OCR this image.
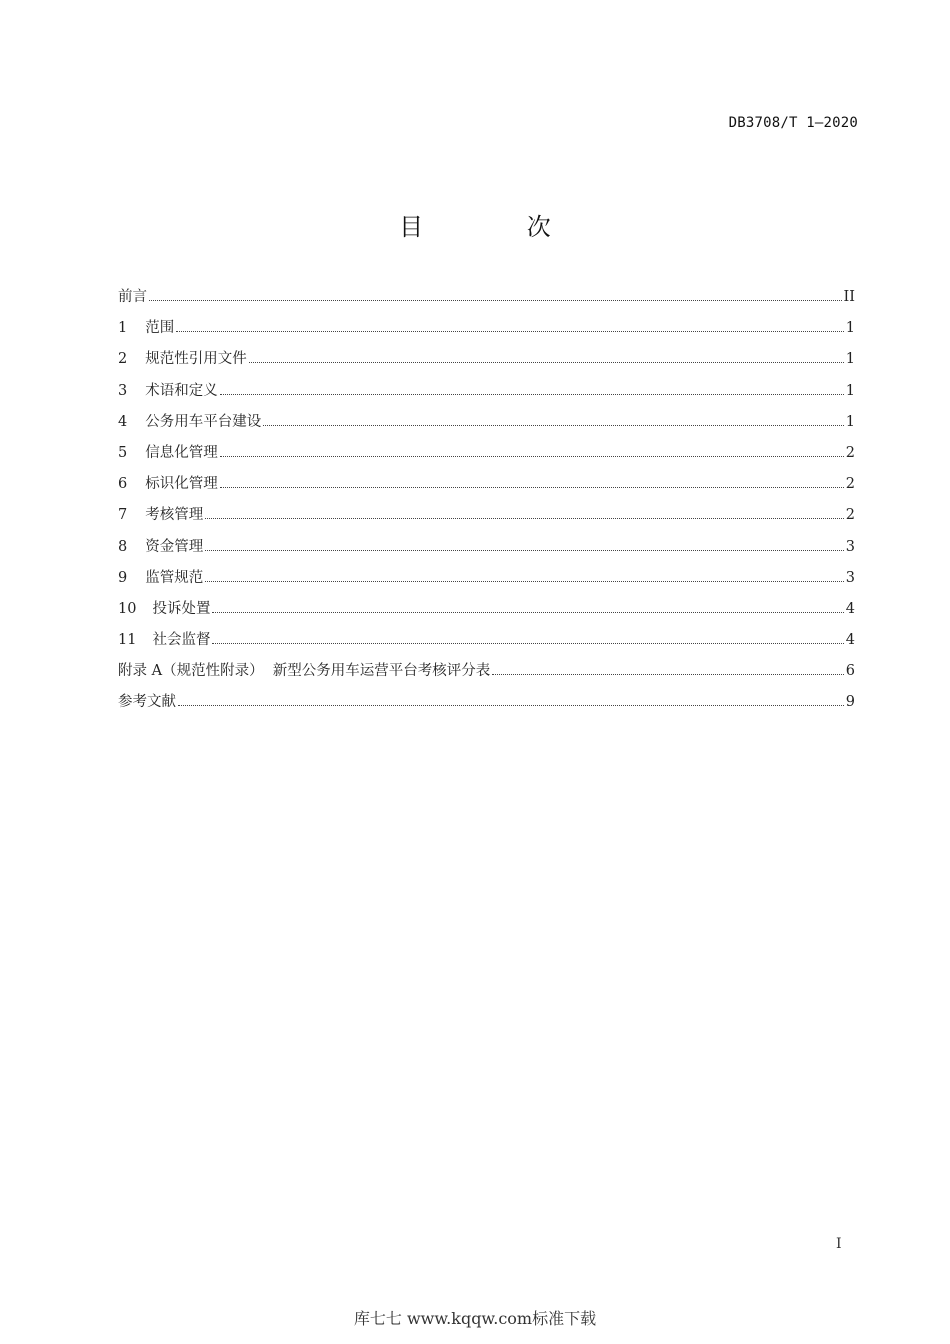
DB3708/T 1—2020
目 次
前言	II
1 范围	1
2 规范性引用文件	1
3 术语和定义	1
4 公务用车平台建设	1
5 信息化管理	2
6 标识化管理	2
7 考核管理	2
8 资金管理	3
9 监管规范	3
10 投诉处置	4
11 社会监督	4
附录 A（规范性附录）  新型公务用车运营平台考核评分表	6
参考文献	9
I
库七七 www.kqqw.com标准下载
